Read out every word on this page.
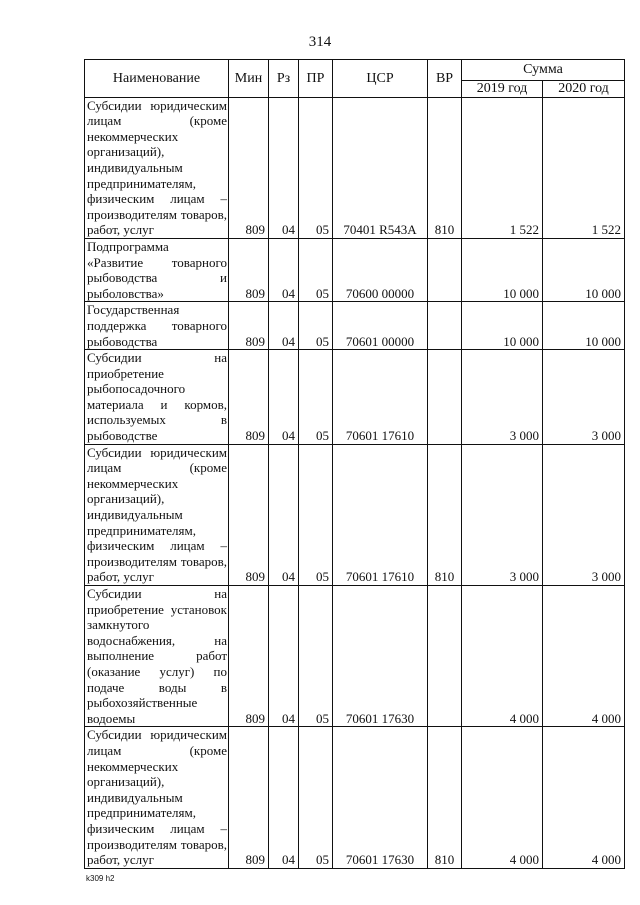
314
Наименование	Мин	Рз	ПР	ЦСР	ВР	Сумма	
						2019 год	2020 год
Субсидии юридическим лицам (кроме некоммерческих организаций), индивидуальным предпринимателям, физическим лицам – производителям товаров, работ, услуг	809	04	05	70401 R543A	810	1 522	1 522
Подпрограмма «Развитие товарного рыбоводства и рыболовства»	809	04	05	70600 00000		10 000	10 000
Государственная поддержка товарного рыбоводства	809	04	05	70601 00000		10 000	10 000
Субсидии на приобретение рыбопосадочного материала и кормов, используемых в рыбоводстве	809	04	05	70601 17610		3 000	3 000
Субсидии юридическим лицам (кроме некоммерческих организаций), индивидуальным предпринимателям, физическим лицам – производителям товаров, работ, услуг	809	04	05	70601 17610	810	3 000	3 000
Субсидии на приобретение установок замкнутого водоснабжения, на выполнение работ (оказание услуг) по подаче воды в рыбохозяйственные водоемы	809	04	05	70601 17630		4 000	4 000
Субсидии юридическим лицам (кроме некоммерческих организаций), индивидуальным предпринимателям, физическим лицам – производителям товаров, работ, услуг	809	04	05	70601 17630	810	4 000	4 000
k309 h2
